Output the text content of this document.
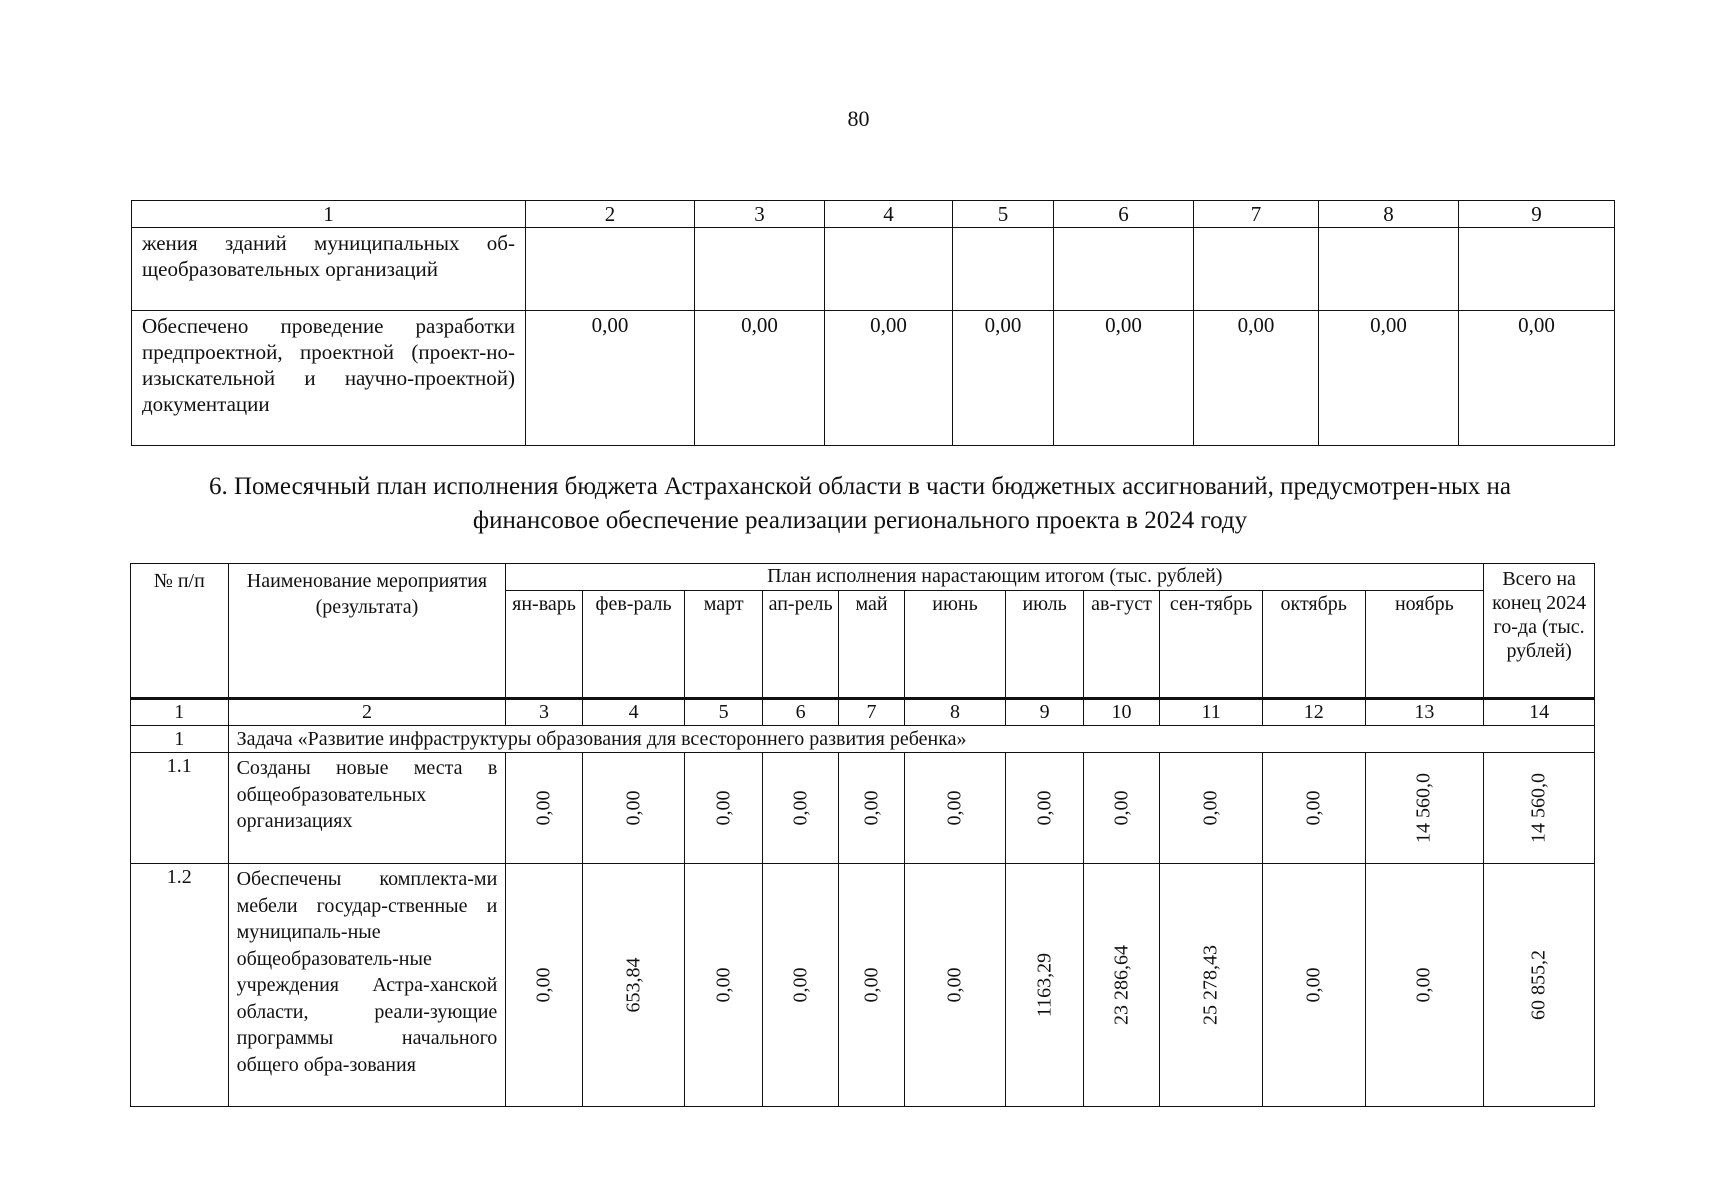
80
1	2	3	4	5	6	7	8	9
жения зданий муниципальных об-щеобразовательных организаций								
Обеспечено проведение разработки предпроектной, проектной (проект-но-изыскательной и научно-проектной) документации	0,00	0,00	0,00	0,00	0,00	0,00	0,00	0,00
6. Помесячный план исполнения бюджета Астраханской области в части бюджетных ассигнований, предусмотрен-ных на финансовое обеспечение реализации регионального проекта в 2024 году
№ п/п	Наименование мероприятия (результата)	План исполнения нарастающим итогом (тыс. рублей)											Всего на конец 2024 го-да (тыс. рублей)
		ян-варь	фев-раль	март	ап-рель	май	июнь	июль	ав-густ	сен-тябрь	октябрь	ноябрь	
1	2	3	4	5	6	7	8	9	10	11	12	13	14
1	Задача «Развитие инфраструктуры образования для всестороннего развития ребенка»												
1.1	Созданы новые места в общеобразовательных организациях	0,00	0,00	0,00	0,00	0,00	0,00	0,00	0,00	0,00	0,00	14 560,0	14 560,0

1.2	Обеспечены комплекта-ми мебели государ-ственные и муниципаль-ные общеобразователь-ные учреждения Астра-ханской области, реали-зующие программы начального общего обра-зования	0,00	653,84	0,00	0,00	0,00	0,00	1163,29	23 286,64	25 278,43	0,00	0,00	60 855,2
